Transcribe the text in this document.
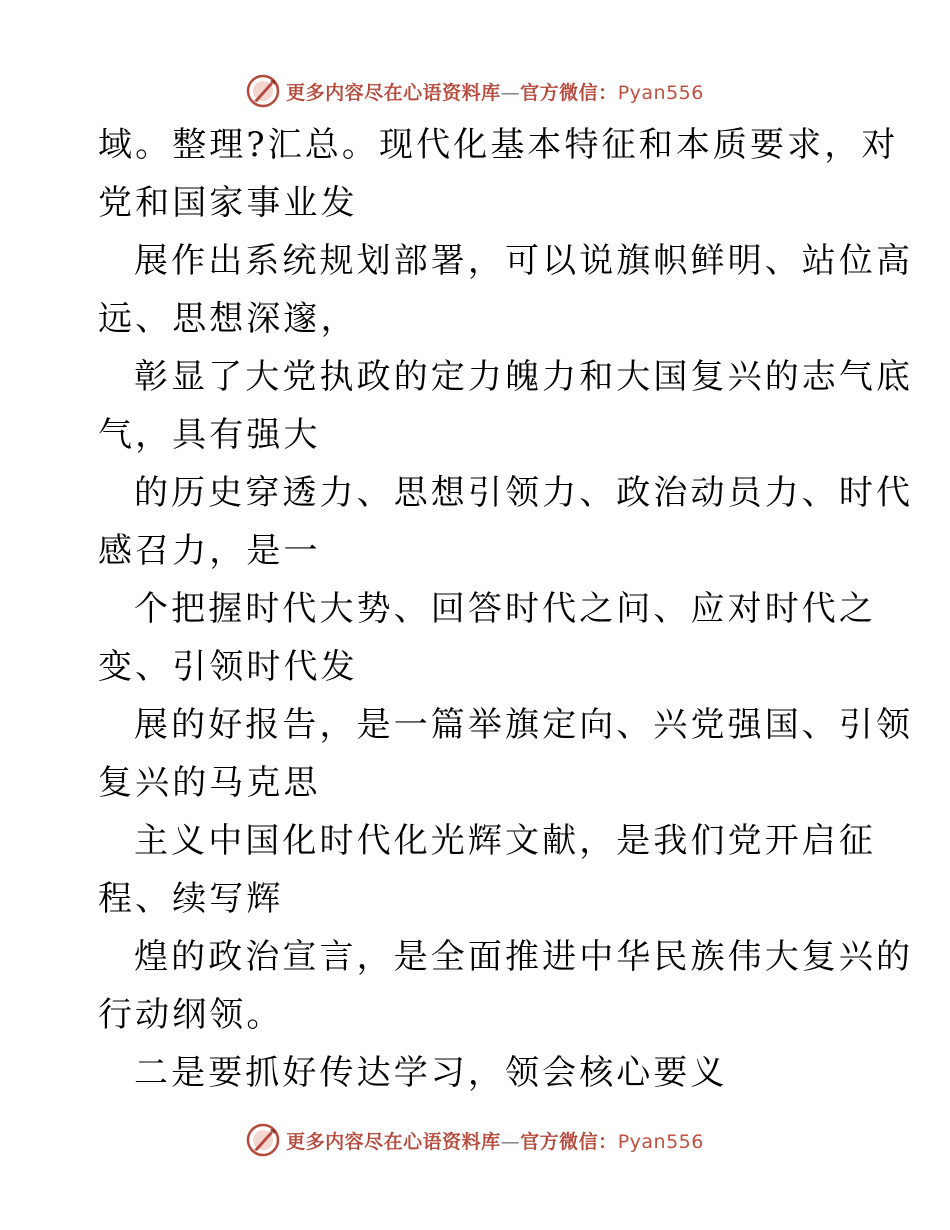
更多内容尽在心语资料库—官方微信：Pyan556
域。整理?汇总。现代化基本特征和本质要求，对
党和国家事业发
展作出系统规划部署，可以说旗帜鲜明、站位高
远、思想深邃，
彰显了大党执政的定力魄力和大国复兴的志气底
气，具有强大
的历史穿透力、思想引领力、政治动员力、时代
感召力，是一
个把握时代大势、回答时代之问、应对时代之
变、引领时代发
展的好报告，是一篇举旗定向、兴党强国、引领
复兴的马克思
主义中国化时代化光辉文献，是我们党开启征
程、续写辉
煌的政治宣言，是全面推进中华民族伟大复兴的
行动纲领。
二是要抓好传达学习，领会核心要义
更多内容尽在心语资料库—官方微信：Pyan556
